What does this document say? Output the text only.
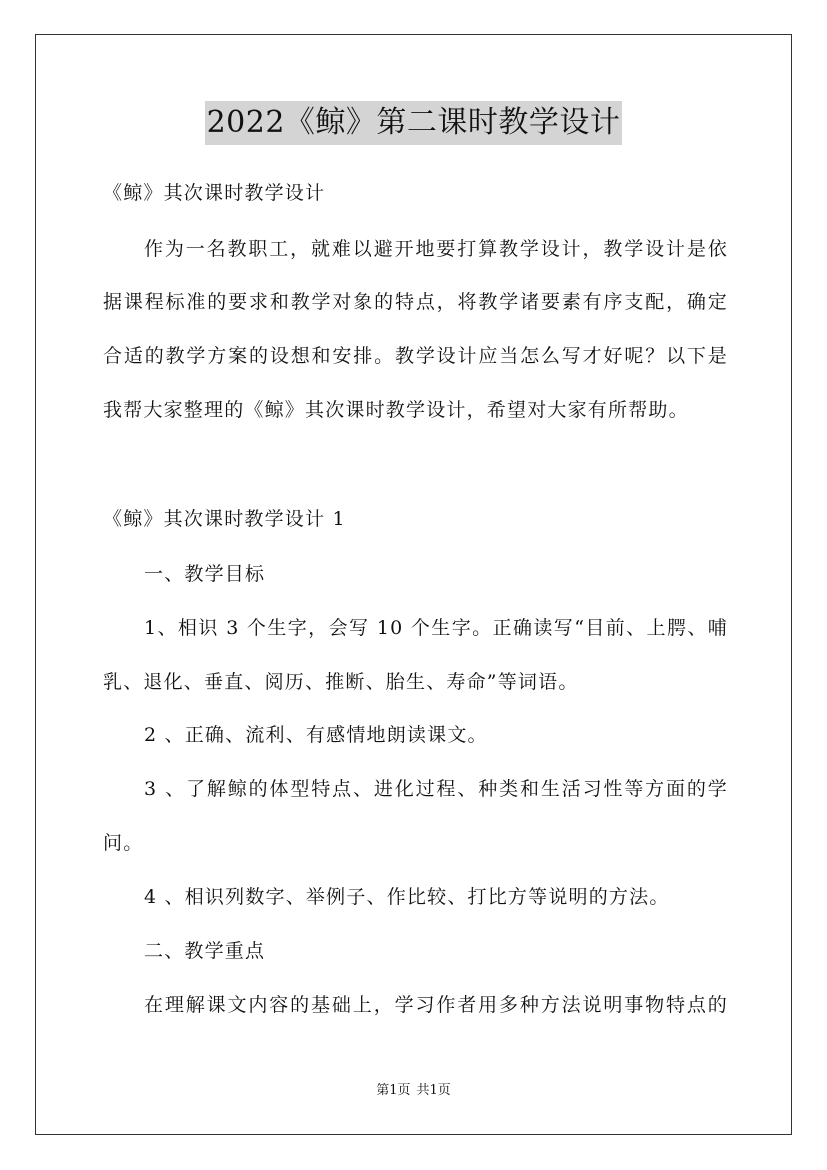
2022《鲸》第二课时教学设计
《鲸》其次课时教学设计
作为一名教职工，就难以避开地要打算教学设计，教学设计是依
据课程标准的要求和教学对象的特点，将教学诸要素有序支配，确定
合适的教学方案的设想和安排。教学设计应当怎么写才好呢？以下是
我帮大家整理的《鲸》其次课时教学设计，希望对大家有所帮助。
《鲸》其次课时教学设计 1
一、教学目标
1、相识 3 个生字，会写 10 个生字。正确读写“目前、上腭、哺
乳、退化、垂直、阅历、推断、胎生、寿命”等词语。
2 、正确、流利、有感情地朗读课文。
3 、了解鲸的体型特点、进化过程、种类和生活习性等方面的学
问。
4 、相识列数字、举例子、作比较、打比方等说明的方法。
二、教学重点
在理解课文内容的基础上，学习作者用多种方法说明事物特点的
第1页 共1页
